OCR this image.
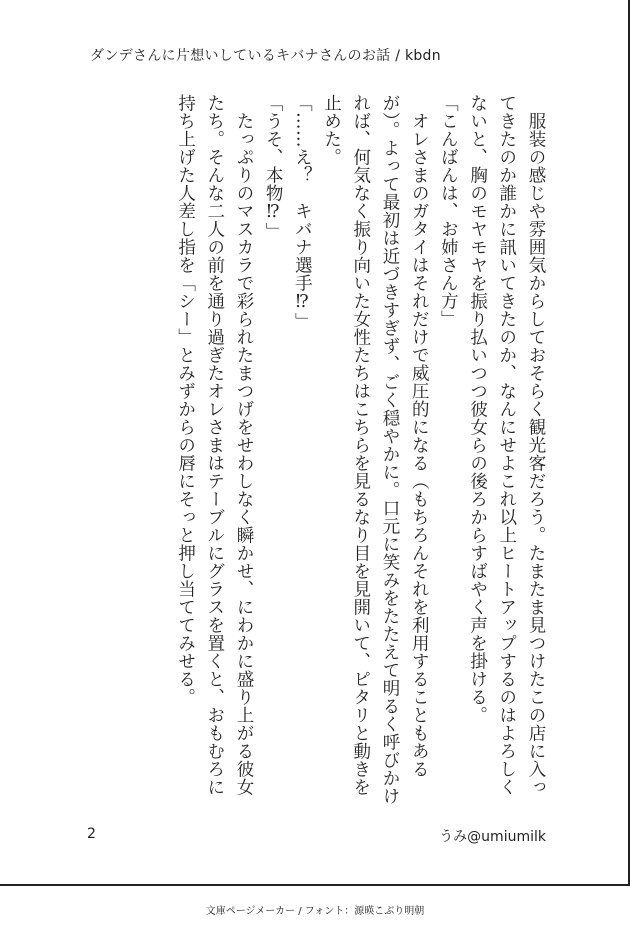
ダンデさんに片想いしているキバナさんのお話 / kbdn

服装の感じや雰囲気からしておそらく観光客だろう。たまたま見つけたこの店に入ってきたのか誰かに訊いてきたのか、なんにせよこれ以上ヒートアップするのはよろしくないと、胸のモヤモヤを振り払いつつ彼女らの後ろからすばやく声を掛ける。

「こんばんは、お姉さん方」

オレさまのガタイはそれだけで威圧的になる（もちろんそれを利用することもあるが）。よって最初は近づきすぎず、ごく穏やかに。口元に笑みをたたえて明るく呼びかければ、何気なく振り向いた女性たちはこちらを見るなり目を見開いて、ピタリと動きを止めた。

「……え？　キバナ選手⁉」

「うそ、本物⁉」

たっぷりのマスカラで彩られたまつげをせわしなく瞬かせ、にわかに盛り上がる彼女たち。そんな二人の前を通り過ぎたオレさまはテーブルにグラスを置くと、おもむろに持ち上げた人差し指を「シー」とみずからの唇にそっと押し当ててみせる。

2	うみ@umiumilk
文庫ページメーカー / フォント：源暎こぶり明朝
